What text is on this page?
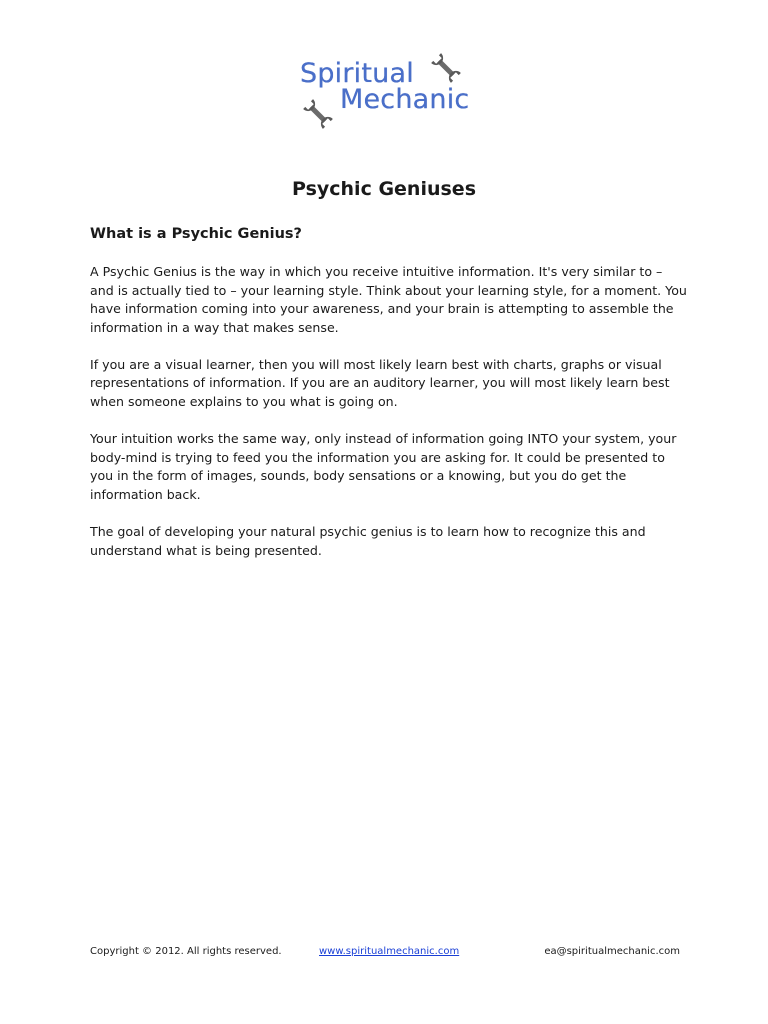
Spiritual
Mechanic
Psychic Geniuses
What is a Psychic Genius?

A Psychic Genius is the way in which you receive intuitive information. It's very similar to – and is actually tied to – your learning style. Think about your learning style, for a moment. You have information coming into your awareness, and your brain is attempting to assemble the information in a way that makes sense.

If you are a visual learner, then you will most likely learn best with charts, graphs or visual representations of information. If you are an auditory learner, you will most likely learn best when someone explains to you what is going on.

Your intuition works the same way, only instead of information going INTO your system, your body-mind is trying to feed you the information you are asking for. It could be presented to you in the form of images, sounds, body sensations or a knowing, but you do get the information back.

The goal of developing your natural psychic genius is to learn how to recognize this and understand what is being presented.

Copyright © 2012. All rights reserved.	www.spiritualmechanic.com	ea@spiritualmechanic.com
